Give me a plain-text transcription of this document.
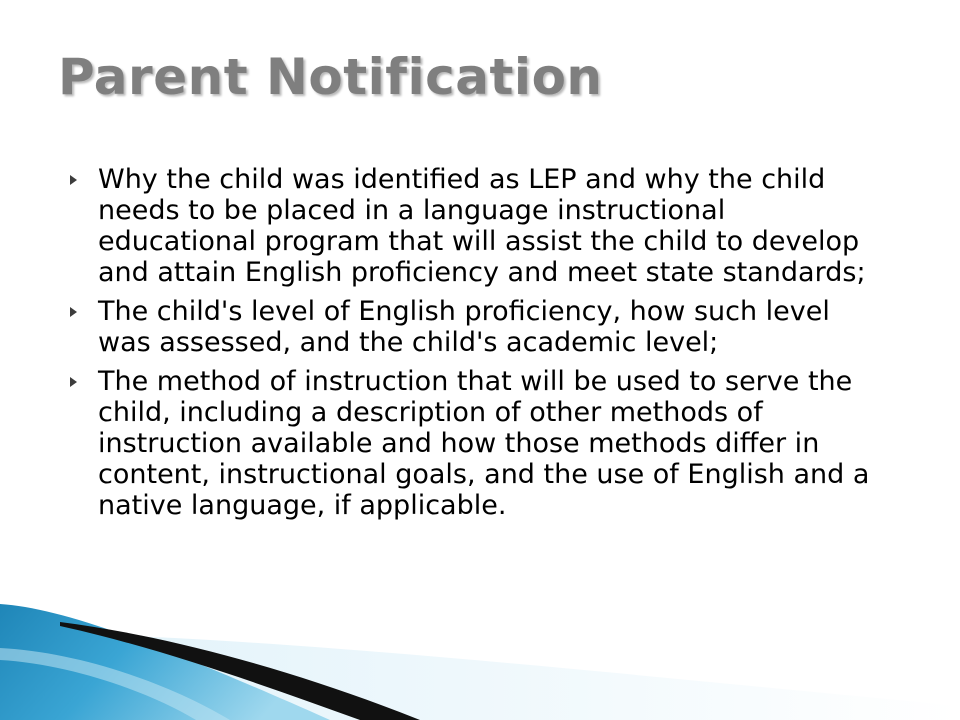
Parent Notification
Why the child was identified as LEP and why the child needs to be placed in a language instructional educational program that will assist the child to develop and attain English proficiency and meet state standards;
The child's level of English proficiency, how such level was assessed, and the child's academic level;
The method of instruction that will be used to serve the child, including a description of other methods of instruction available and how those methods differ in content, instructional goals, and the use of English and a native language, if applicable.
